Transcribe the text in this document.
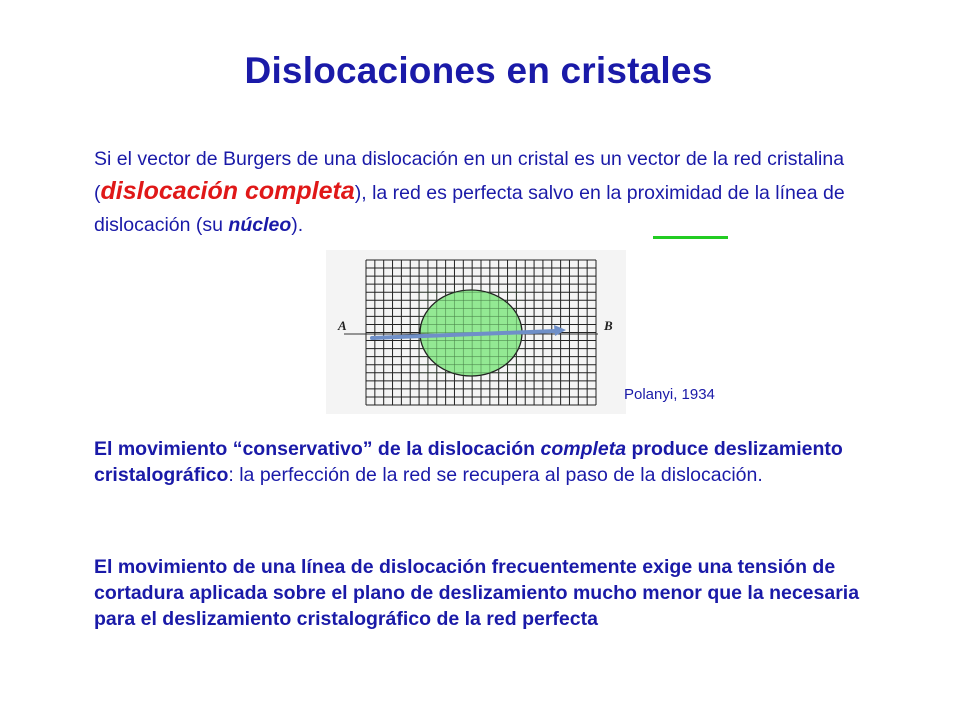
Dislocaciones en cristales
Si el vector de Burgers de una dislocación en un cristal es un vector de la red cristalina (dislocación completa), la red es perfecta salvo en la proximidad de la línea de dislocación (su núcleo).
A	B
Polanyi, 1934
El movimiento “conservativo” de la dislocación completa produce deslizamiento cristalográfico: la perfección de la red se recupera al paso de la dislocación.
El movimiento de una línea de dislocación frecuentemente exige una tensión de cortadura aplicada sobre el plano de deslizamiento mucho menor que la necesaria para el deslizamiento cristalográfico de la red perfecta
